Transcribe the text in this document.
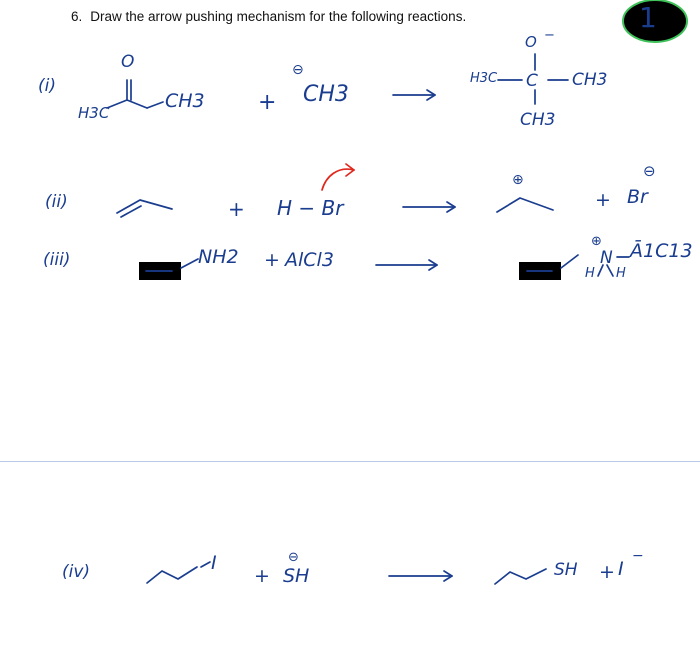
6. Draw the arrow pushing mechanism for the following reactions.	1
(i)
H3C
O
CH3 +
⊖
CH3
O −
H3C C CH3
CH3
(ii)	+ H − Br
⊕
+
⊖
Br
(iii)	NH2 + AlCl3
⊕
N Ā1C13
H H
(iv)	I
+
⊖
SH	SH + I
−
